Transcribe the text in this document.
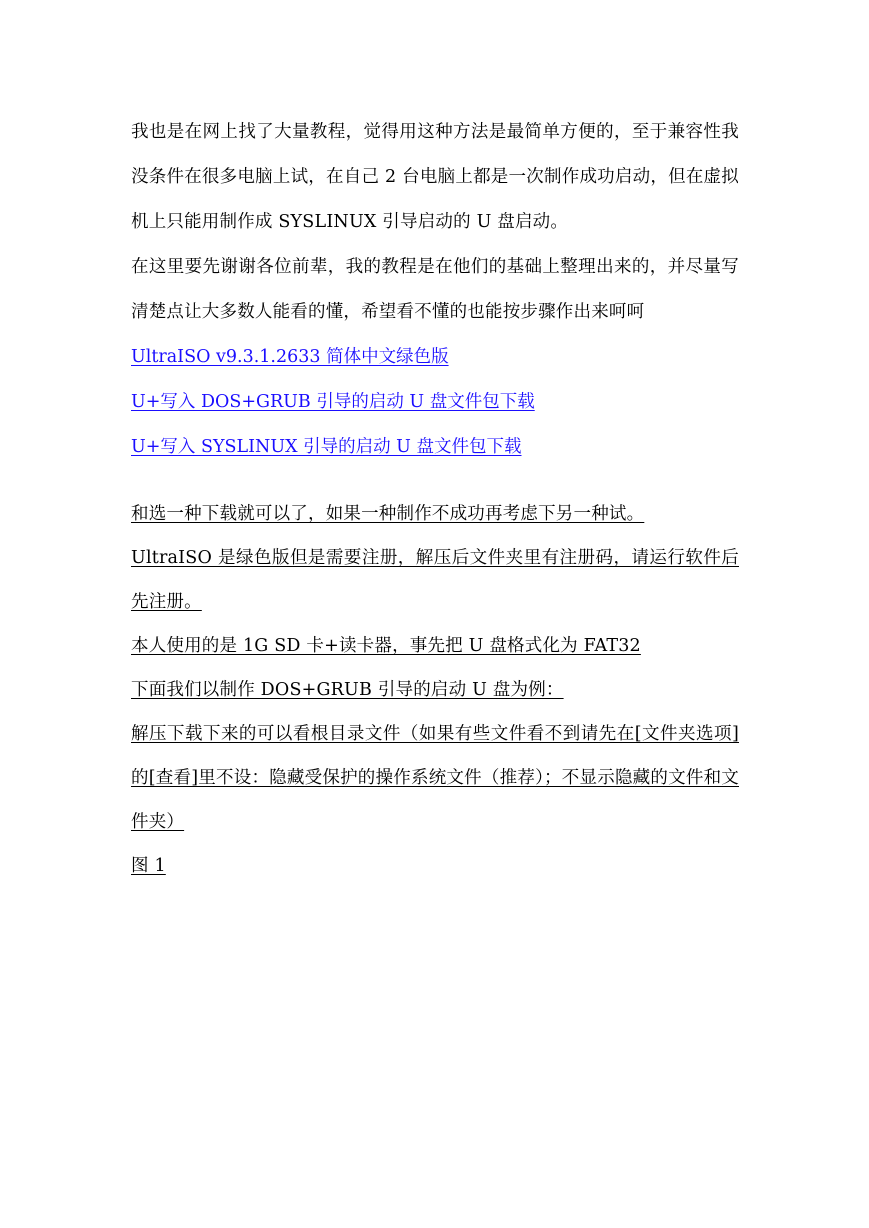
我也是在网上找了大量教程，觉得用这种方法是最简单方便的，至于兼容性我没条件在很多电脑上试，在自己 2 台电脑上都是一次制作成功启动，但在虚拟机上只能用制作成 SYSLINUX 引导启动的 U 盘启动。

在这里要先谢谢各位前辈，我的教程是在他们的基础上整理出来的，并尽量写清楚点让大多数人能看的懂，希望看不懂的也能按步骤作出来呵呵

UltraISO v9.3.1.2633 简体中文绿色版
U+写入 DOS+GRUB 引导的启动 U 盘文件包下载
U+写入 SYSLINUX 引导的启动 U 盘文件包下载

和选一种下载就可以了，如果一种制作不成功再考虑下另一种试。

UltraISO 是绿色版但是需要注册，解压后文件夹里有注册码，请运行软件后先注册。

本人使用的是 1G SD 卡+读卡器，事先把 U 盘格式化为 FAT32

下面我们以制作 DOS+GRUB 引导的启动 U 盘为例：

解压下载下来的可以看根目录文件（如果有些文件看不到请先在[文件夹选项]的[查看]里不设：隐藏受保护的操作系统文件（推荐）；不显示隐藏的文件和文件夹）

图 1
